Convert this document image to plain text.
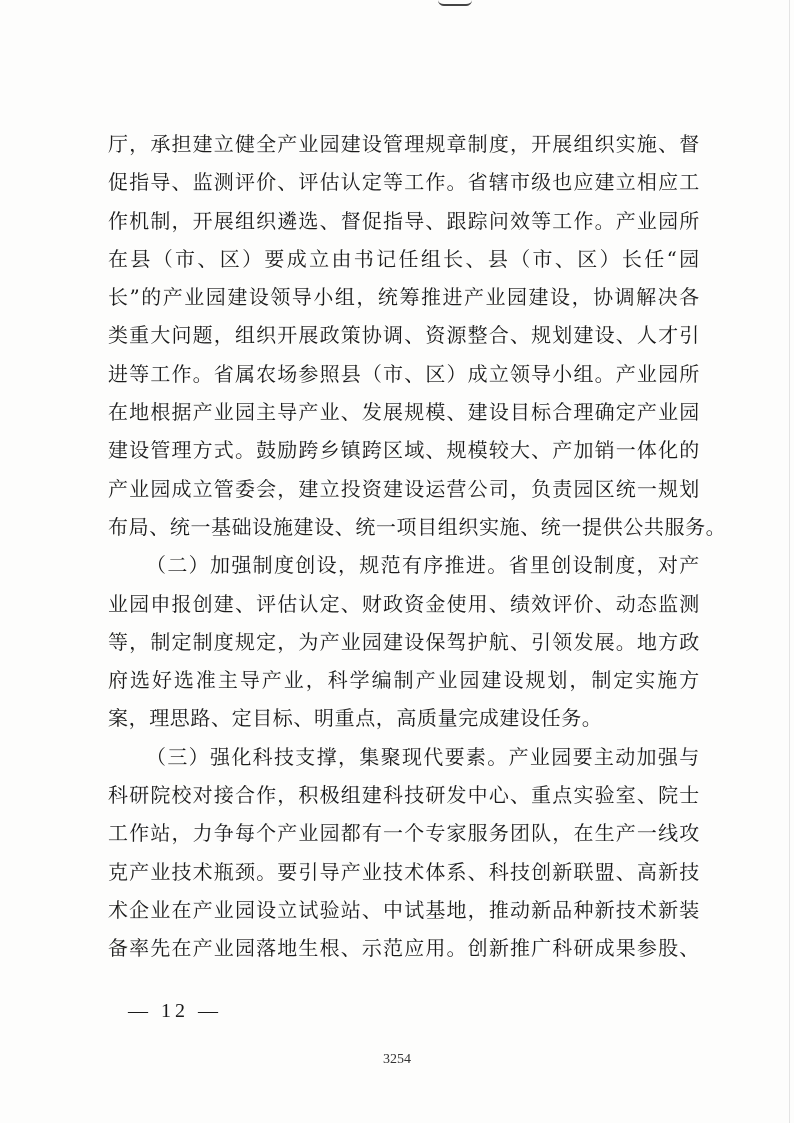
厅 ， 承 担 建 立 健 全 产 业 园 建 设 管 理 规 章 制 度 ， 开 展 组 织 实 施 、 督
促 指 导 、 监 测 评 价 、 评 估 认 定 等 工 作 。 省 辖 市 级 也 应 建 立 相 应 工
作 机 制 ， 开 展 组 织 遴 选 、 督 促 指 导 、 跟 踪 问 效 等 工 作 。 产 业 园 所
在 县 （ 市 、 区 ） 要 成 立 由 书 记 任 组 长 、 县 （ 市 、 区 ） 长 任 “ 园
长 ” 的 产 业 园 建 设 领 导 小 组 ， 统 筹 推 进 产 业 园 建 设 ， 协 调 解 决 各
类 重 大 问 题 ， 组 织 开 展 政 策 协 调 、 资 源 整 合 、 规 划 建 设 、 人 才 引
进 等 工 作 。 省 属 农 场 参 照 县 （ 市 、 区 ） 成 立 领 导 小 组 。 产 业 园 所
在 地 根 据 产 业 园 主 导 产 业 、 发 展 规 模 、 建 设 目 标 合 理 确 定 产 业 园
建 设 管 理 方 式 。 鼓 励 跨 乡 镇 跨 区 域 、 规 模 较 大 、 产 加 销 一 体 化 的
产 业 园 成 立 管 委 会 ， 建 立 投 资 建 设 运 营 公 司 ， 负 责 园 区 统 一 规 划
布 局 、 统 一 基 础 设 施 建 设 、 统 一 项 目 组 织 实 施 、 统 一 提 供 公 共 服 务 。
（ 二 ） 加 强 制 度 创 设 ， 规 范 有 序 推 进 。 省 里 创 设 制 度 ， 对 产
业 园 申 报 创 建 、 评 估 认 定 、 财 政 资 金 使 用 、 绩 效 评 价 、 动 态 监 测
等 ， 制 定 制 度 规 定 ， 为 产 业 园 建 设 保 驾 护 航 、 引 领 发 展 。 地 方 政
府 选 好 选 准 主 导 产 业 ， 科 学 编 制 产 业 园 建 设 规 划 ， 制 定 实 施 方
案，理思路、定目标、明重点，高质量完成建设任务。
（ 三 ） 强 化 科 技 支 撑 ， 集 聚 现 代 要 素 。 产 业 园 要 主 动 加 强 与
科 研 院 校 对 接 合 作 ， 积 极 组 建 科 技 研 发 中 心 、 重 点 实 验 室 、 院 士
工 作 站 ， 力 争 每 个 产 业 园 都 有 一 个 专 家 服 务 团 队 ， 在 生 产 一 线 攻
克 产 业 技 术 瓶 颈 。 要 引 导 产 业 技 术 体 系 、 科 技 创 新 联 盟 、 高 新 技
术 企 业 在 产 业 园 设 立 试 验 站 、 中 试 基 地 ， 推 动 新 品 种 新 技 术 新 装
备 率 先 在 产 业 园 落 地 生 根 、 示 范 应 用 。 创 新 推 广 科 研 成 果 参 股 、
— 12 —
3254
